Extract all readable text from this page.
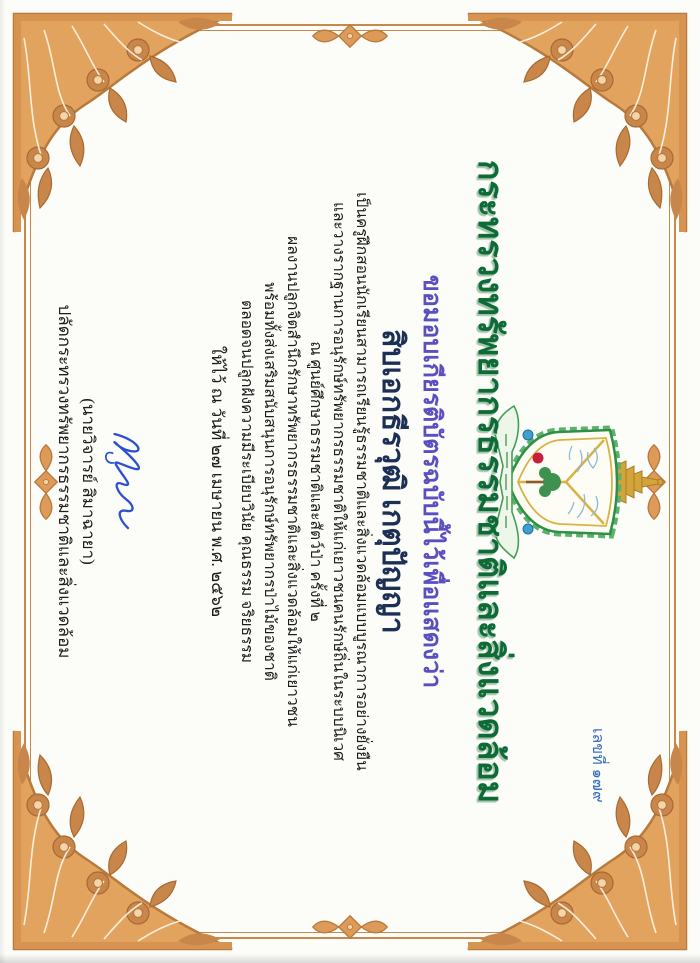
เลขที่ ๑๗๙
กระทรวงทรัพยากรธรรมชาติและสิ่งแวดล้อม
ขอมอบเกียรติบัตรฉบับนี้ไว้เพื่อแสดงว่า
สิบเอกธีรวุฒิ เกตุปัญญา
เป็นครูฝึกสอนนักเรียนสามารถเรียนรู้ธรรมชาติและสิ่งแวดล้อมแบบบูรณาการอย่างยั่งยืน
และวางรากฐานการอนุรักษ์ทรัพยากรธรรมชาติให้แก่เยาวชนคนรักษ์ถิ่นในระบบนิเวศ
ณ ศูนย์ศึกษาธรรมชาติและสัตว์ป่า ครั้งที่ ๒
ผลงานปลูกจิตสำนึกรักษาทรัพยากรธรรมชาติและสิ่งแวดล้อมให้แก่เยาวชน
พร้อมทั้งส่งเสริมสนับสนุนการอนุรักษ์ทรัพยากรป่าไม้ของชาติ
ตลอดจนปลูกฝังความมีระเบียบวินัย คุณธรรม จริยธรรม
ให้ไว้ ณ วันที่ ๒๗ เมษายน พ.ศ. ๒๕๖๒
(นายวิจารย์ สิมาฉายา)
ปลัดกระทรวงทรัพยากรธรรมชาติและสิ่งแวดล้อม
